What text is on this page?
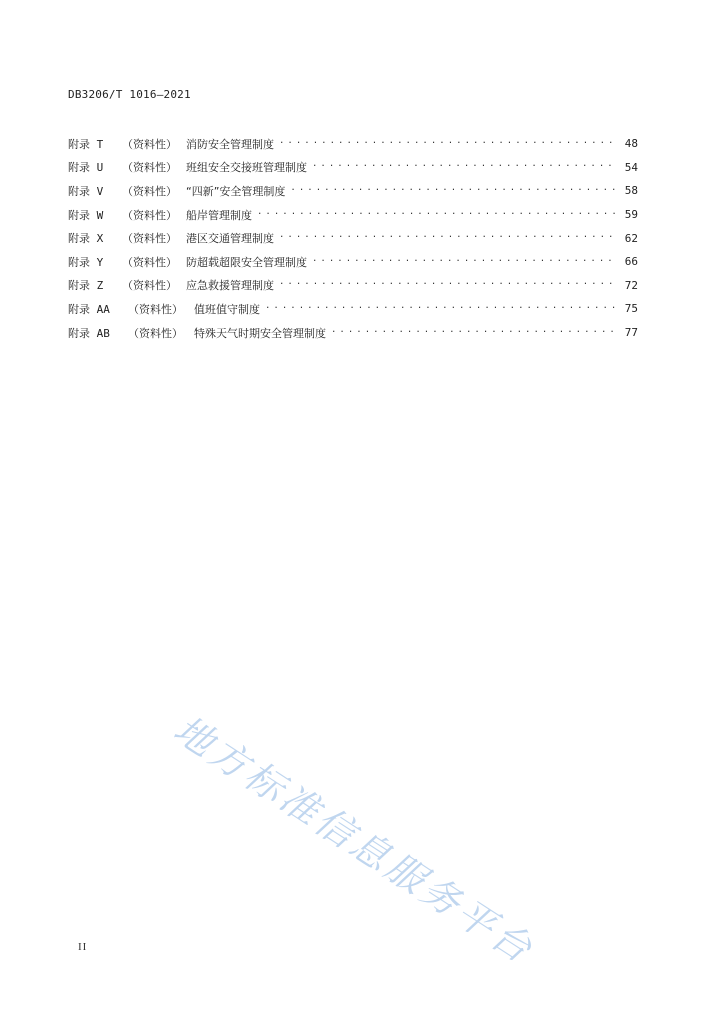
DB3206/T 1016—2021
附录 T	（资料性） 消防安全管理制度 . . .	48
附录 U	（资料性） 班组安全交接班管理制度 . . .	54
附录 V	（资料性） “四新”安全管理制度 . . .	58
附录 W	（资料性） 船岸管理制度 . . .	59
附录 X	（资料性） 港区交通管理制度 . . .	62
附录 Y	（资料性） 防超载超限安全管理制度 . . .	66
附录 Z	（资料性） 应急救援管理制度 . . .	72
附录 AA	（资料性）	值班值守制度 . . .	75
附录 AB	（资料性）	特殊天气时期安全管理制度 . . .	77
地方标准信息服务平台
II
